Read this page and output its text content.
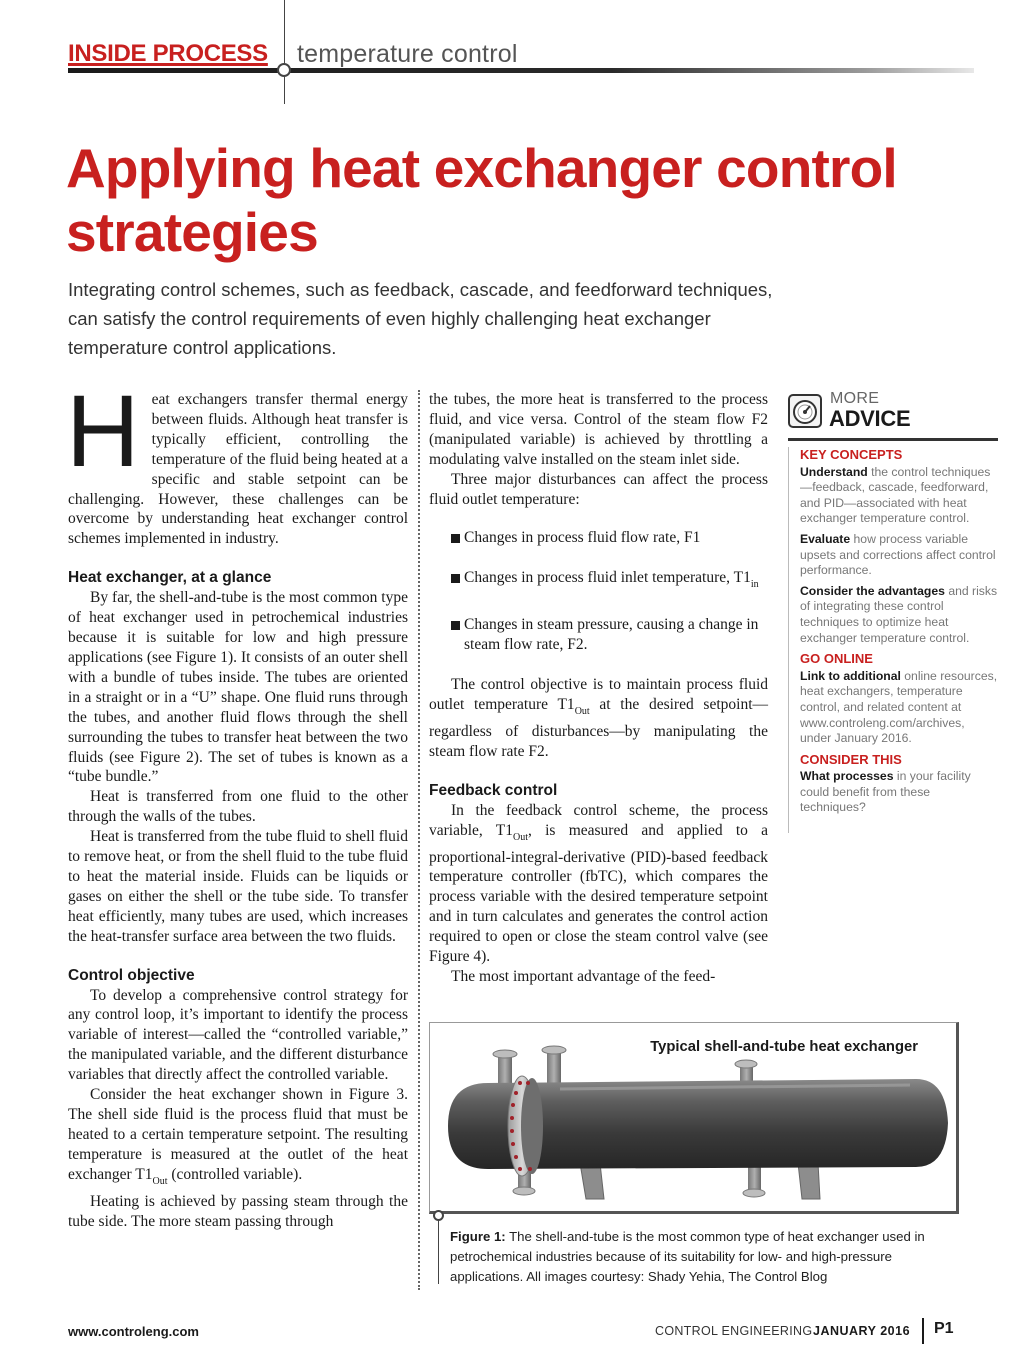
INSIDE PROCESS temperature control
Applying heat exchanger control strategies
Integrating control schemes, such as feedback, cascade, and feedforward techniques, can satisfy the control requirements of even highly challenging heat exchanger temperature control applications.

Heat exchangers transfer thermal energy between fluids. Although heat transfer is typically efficient, controlling the temperature of the fluid being heated at a specific and stable setpoint can be challenging. However, these challenges can be overcome by understanding heat exchanger control schemes implemented in industry.

Heat exchanger, at a glance

By far, the shell-and-tube is the most common type of heat exchanger used in petrochemical industries because it is suitable for low and high pressure applications (see Figure 1). It consists of an outer shell with a bundle of tubes inside. The tubes are oriented in a straight or in a “U” shape. One fluid runs through the tubes, and another fluid flows through the shell surrounding the tubes to transfer heat between the two fluids (see Figure 2). The set of tubes is known as a “tube bundle.”

Heat is transferred from one fluid to the other through the walls of the tubes.

Heat is transferred from the tube fluid to shell fluid to remove heat, or from the shell fluid to the tube fluid to heat the material inside. Fluids can be liquids or gases on either the shell or the tube side. To transfer heat efficiently, many tubes are used, which increases the heat-transfer surface area between the two fluids.

Control objective

To develop a comprehensive control strategy for any control loop, it’s important to identify the process variable of interest—called the “controlled variable,” the manipulated variable, and the different disturbance variables that directly affect the controlled variable.

Consider the heat exchanger shown in Figure 3. The shell side fluid is the process fluid that must be heated to a certain temperature setpoint. The resulting temperature is measured at the outlet of the heat exchanger $T1_{Out}$ (controlled variable).

Heating is achieved by passing steam through the tube side. The more steam passing through

the tubes, the more heat is transferred to the process fluid, and vice versa. Control of the steam flow F2 (manipulated variable) is achieved by throttling a modulating valve installed on the steam inlet side.

Three major disturbances can affect the process fluid outlet temperature:

Changes in process fluid flow rate, F1
Changes in process fluid inlet temperature, $T1_{in}$
Changes in steam pressure, causing a change in steam flow rate, F2.

The control objective is to maintain process fluid outlet temperature $T1_{Out}$ at the desired setpoint—regardless of disturbances—by manipulating the steam flow rate F2.

Feedback control

In the feedback control scheme, the process variable, $T1_{Out}$, is measured and applied to a proportional-integral-derivative (PID)-based feedback temperature controller (fbTC), which compares the process variable with the desired temperature setpoint and in turn calculates and generates the control action required to open or close the steam control valve (see Figure 4).

The most important advantage of the feed-

MORE
ADVICE
KEY CONCEPTS
Understand the control techniques—feedback, cascade, feedforward, and PID—associated with heat exchanger temperature control.
Evaluate how process variable upsets and corrections affect control performance.
Consider the advantages and risks of integrating these control techniques to optimize heat exchanger temperature control.
GO ONLINE
Link to additional online resources, heat exchangers, temperature control, and related content at www.controleng.com/archives, under January 2016.
CONSIDER THIS
What processes in your facility could benefit from these techniques?
Typical shell-and-tube heat exchanger
Figure 1: The shell-and-tube is the most common type of heat exchanger used in petrochemical industries because of its suitability for low- and high-pressure applications. All images courtesy: Shady Yehia, The Control Blog
www.controleng.com	CONTROL ENGINEERING JANUARY 2016 P1
